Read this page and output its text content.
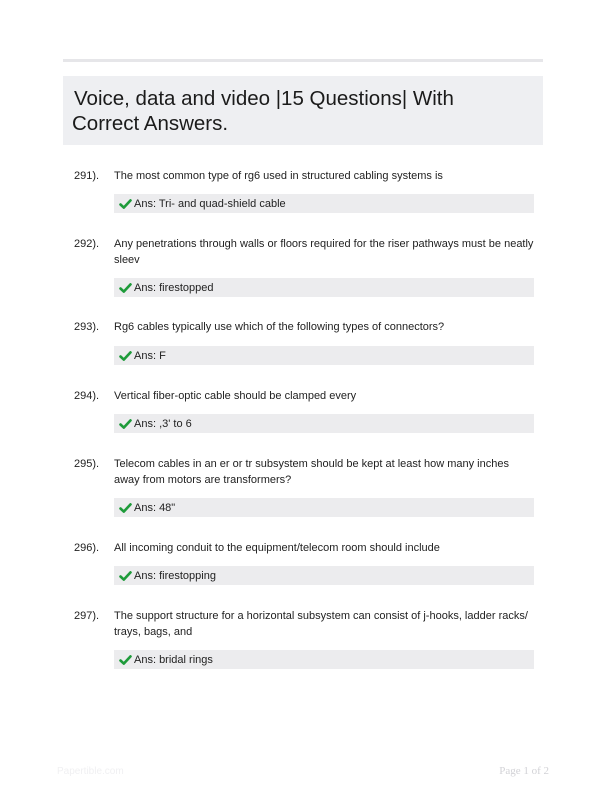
Voice, data and video |15 Questions| With
Correct Answers.
291). The most common type of rg6 used in structured cabling systems is
Ans: Tri- and quad-shield cable
292). Any penetrations through walls or floors required for the riser pathways must be neatly sleev
Ans: firestopped
293). Rg6 cables typically use which of the following types of connectors?
Ans: F
294). Vertical fiber-optic cable should be clamped every
Ans: ,3' to 6
295). Telecom cables in an er or tr subsystem should be kept at least how many inches away from motors are transformers?
Ans: 48"
296). All incoming conduit to the equipment/telecom room should include
Ans: firestopping
297). The support structure for a horizontal subsystem can consist of j-hooks, ladder racks/ trays, bags, and
Ans: bridal rings
Papertible.com	Page 1 of 2
